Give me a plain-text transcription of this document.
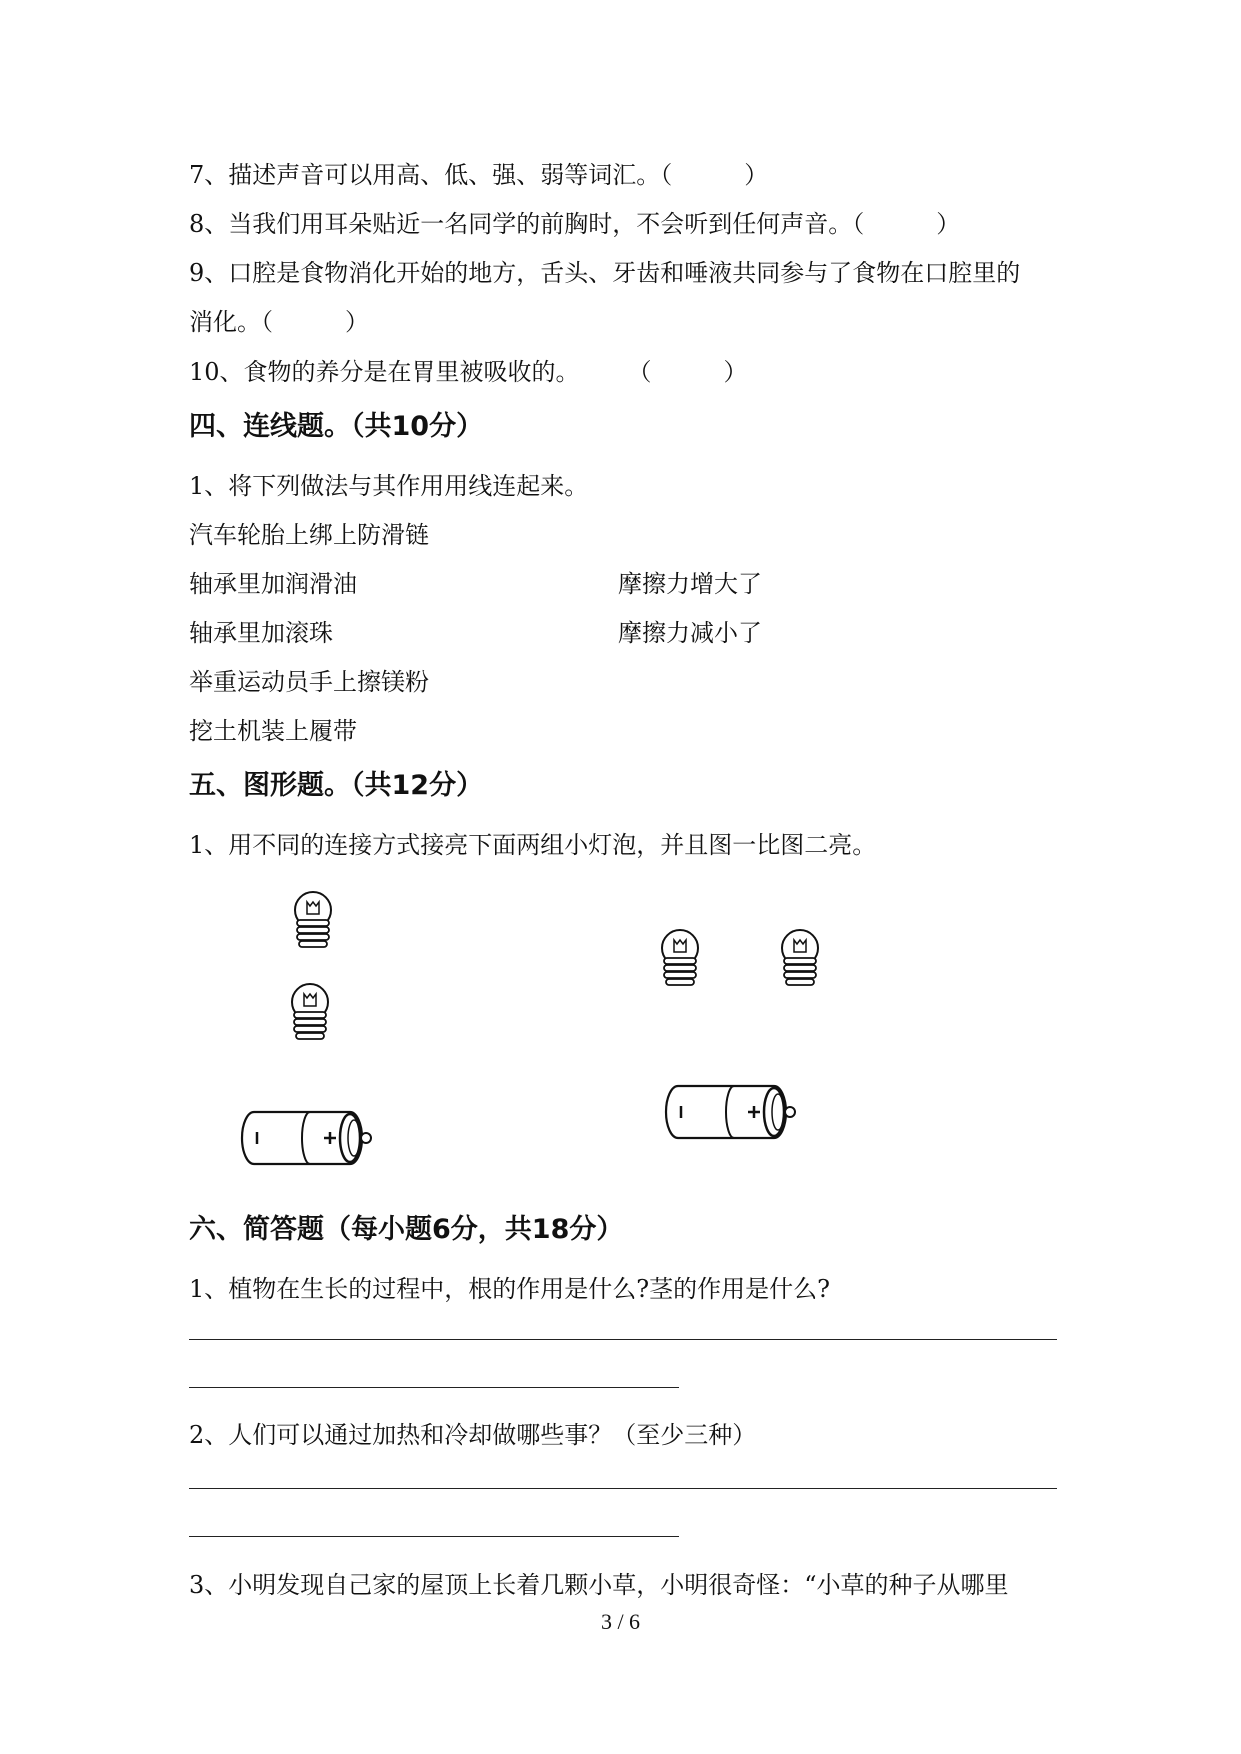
7、描述声音可以用高、低、强、弱等词汇。（　　　）
8、当我们用耳朵贴近一名同学的前胸时，不会听到任何声音。（　　　）
9、口腔是食物消化开始的地方，舌头、牙齿和唾液共同参与了食物在口腔里的
消化。（　　　）
10、食物的养分是在胃里被吸收的。　　　（　　　）
四、连线题。（共10分）
1、将下列做法与其作用用线连起来。
汽车轮胎上绑上防滑链
轴承里加润滑油
轴承里加滚珠
举重运动员手上擦镁粉
挖土机装上履带
摩擦力增大了
摩擦力减小了
五、图形题。（共12分）
1、用不同的连接方式接亮下面两组小灯泡，并且图一比图二亮。
六、简答题（每小题6分，共18分）
1、植物在生长的过程中，根的作用是什么?茎的作用是什么?
2、人们可以通过加热和冷却做哪些事？（至少三种）
3、小明发现自己家的屋顶上长着几颗小草，小明很奇怪：“小草的种子从哪里
3 / 6
